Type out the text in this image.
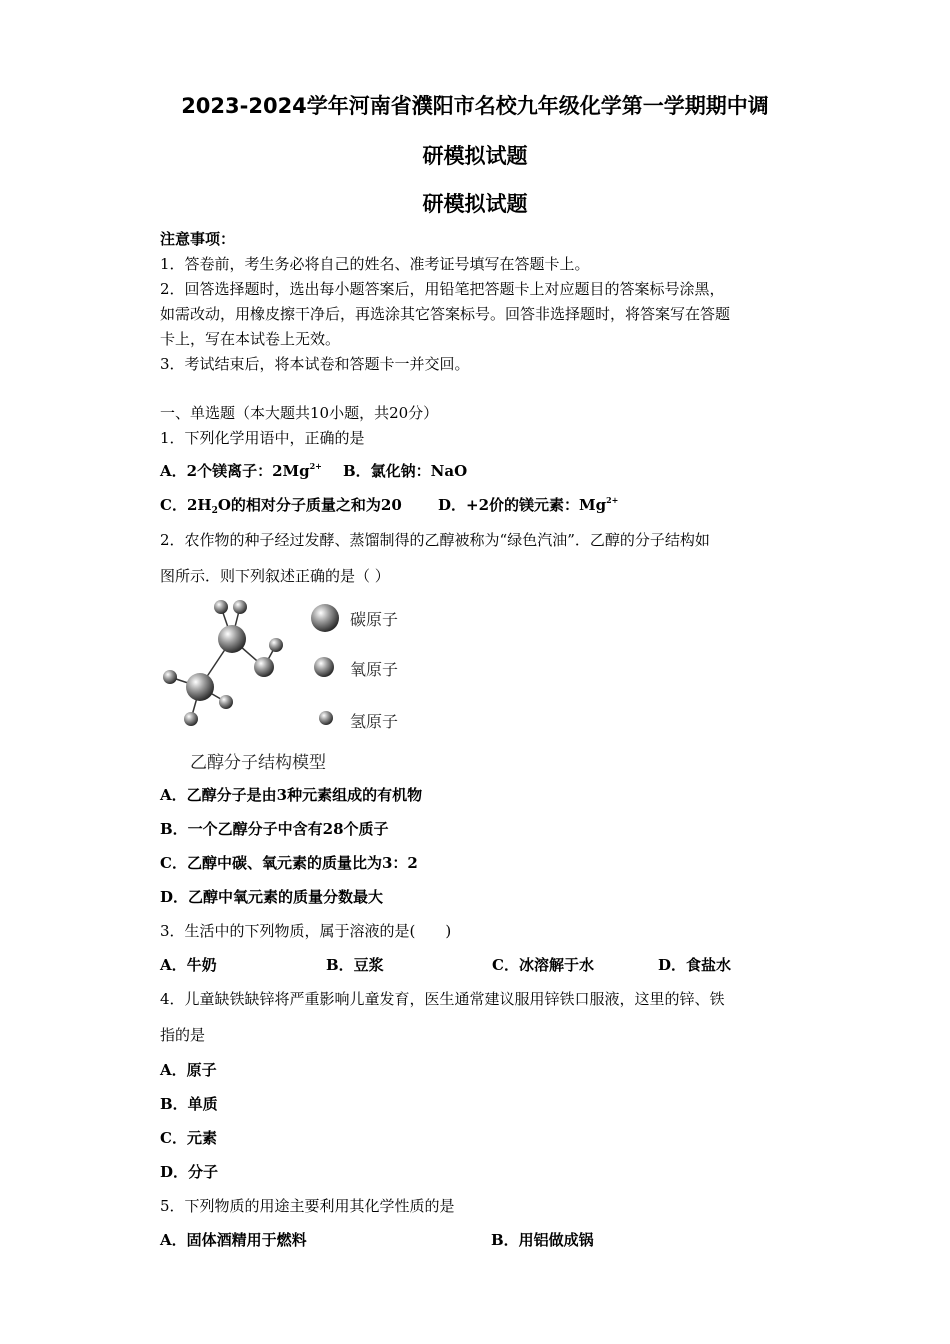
2023-2024学年河南省濮阳市名校九年级化学第一学期期中调
研模拟试题
研模拟试题
注意事项：
1．答卷前，考生务必将自己的姓名、准考证号填写在答题卡上。
2．回答选择题时，选出每小题答案后，用铅笔把答题卡上对应题目的答案标号涂黑，
如需改动，用橡皮擦干净后，再选涂其它答案标号。回答非选择题时，将答案写在答题
卡上，写在本试卷上无效。
3．考试结束后，将本试卷和答题卡一并交回。
一、单选题（本大题共10小题，共20分）
1．下列化学用语中，正确的是
A．2个镁离子：$2Mg^{2+}$ B．氯化钠：NaO
C．$2H_2O$的相对分子质量之和为20 D．+2价的镁元素：$Mg^{2+}$
2．农作物的种子经过发酵、蒸馏制得的乙醇被称为“绿色汽油”．乙醇的分子结构如
图所示．则下列叙述正确的是（ ）
碳原子
氧原子
氢原子
乙醇分子结构模型
A．乙醇分子是由3种元素组成的有机物
B．一个乙醇分子中含有28个质子
C．乙醇中碳、氧元素的质量比为3：2
D．乙醇中氧元素的质量分数最大
3．生活中的下列物质，属于溶液的是(　　)
A．牛奶	B．豆浆	C．冰溶解于水	D．食盐水
4．儿童缺铁缺锌将严重影响儿童发育，医生通常建议服用锌铁口服液，这里的锌、铁
指的是
A．原子
B．单质
C．元素
D．分子
5．下列物质的用途主要利用其化学性质的是
A．固体酒精用于燃料	B．用铝做成锅
